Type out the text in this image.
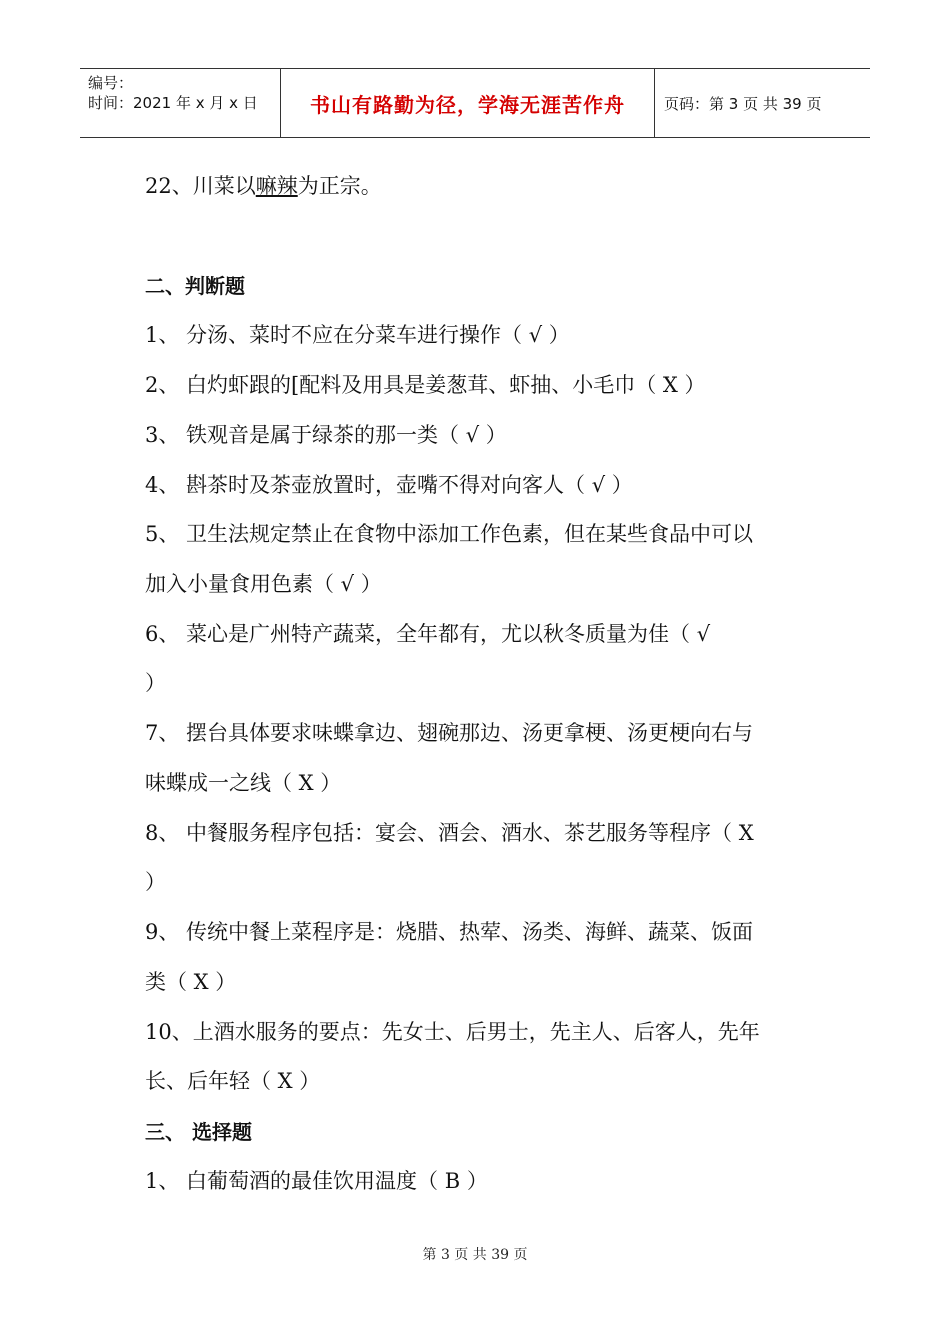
编号：
时间：2021 年 x 月 x 日	书山有路勤为径，学海无涯苦作舟	页码：第 3 页 共 39 页
22、川菜以嘛辣为正宗。
二、判断题
1、 分汤、菜时不应在分菜车进行操作（ √ ）
2、 白灼虾跟的[配料及用具是姜葱茸、虾抽、小毛巾（ X ）
3、 铁观音是属于绿茶的那一类（ √ ）
4、 斟茶时及茶壶放置时，壶嘴不得对向客人（ √ ）
5、 卫生法规定禁止在食物中添加工作色素，但在某些食品中可以
加入小量食用色素（ √ ）
6、 菜心是广州特产蔬菜，全年都有，尤以秋冬质量为佳（ √
）
7、 摆台具体要求味蝶拿边、翅碗那边、汤更拿梗、汤更梗向右与
味蝶成一之线（ X ）
8、 中餐服务程序包括：宴会、酒会、酒水、茶艺服务等程序（ X
）
9、 传统中餐上菜程序是：烧腊、热荤、汤类、海鲜、蔬菜、饭面
类（ X ）
10、上酒水服务的要点：先女士、后男士，先主人、后客人，先年
长、后年轻（ X ）
三、 选择题
1、 白葡萄酒的最佳饮用温度（ B ）
第 3 页 共 39 页
